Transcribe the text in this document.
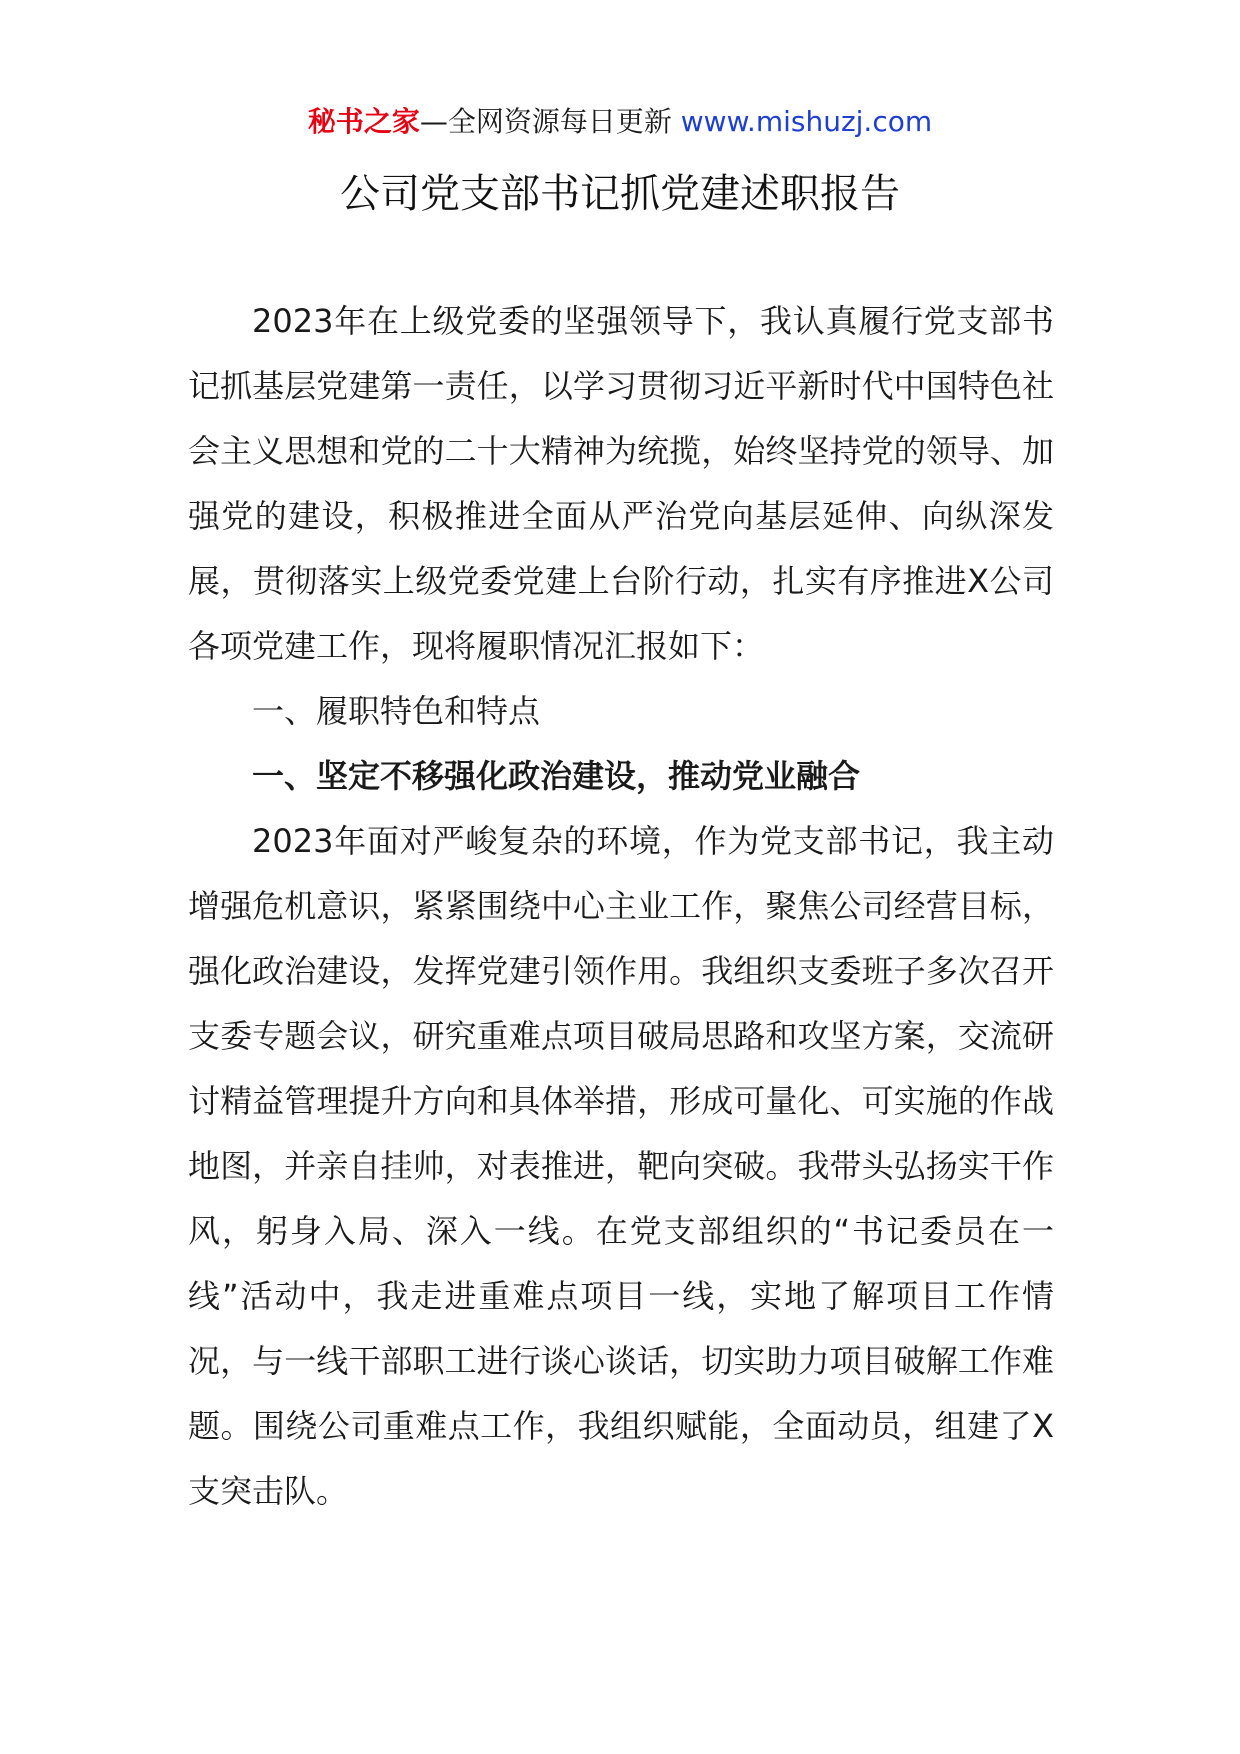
秘书之家—全网资源每日更新 www.mishuzj.com
公司党支部书记抓党建述职报告

2023年在上级党委的坚强领导下，我认真履行党支部书记抓基层党建第一责任，以学习贯彻习近平新时代中国特色社会主义思想和党的二十大精神为统揽，始终坚持党的领导、加强党的建设，积极推进全面从严治党向基层延伸、向纵深发展，贯彻落实上级党委党建上台阶行动，扎实有序推进X公司各项党建工作，现将履职情况汇报如下：

一、履职特色和特点

一、坚定不移强化政治建设，推动党业融合

2023年面对严峻复杂的环境，作为党支部书记，我主动增强危机意识，紧紧围绕中心主业工作，聚焦公司经营目标，强化政治建设，发挥党建引领作用。我组织支委班子多次召开支委专题会议，研究重难点项目破局思路和攻坚方案，交流研讨精益管理提升方向和具体举措，形成可量化、可实施的作战地图，并亲自挂帅，对表推进，靶向突破。我带头弘扬实干作风，躬身入局、深入一线。在党支部组织的“书记委员在一线”活动中，我走进重难点项目一线，实地了解项目工作情况，与一线干部职工进行谈心谈话，切实助力项目破解工作难题。围绕公司重难点工作，我组织赋能，全面动员，组建了X支突击队。
